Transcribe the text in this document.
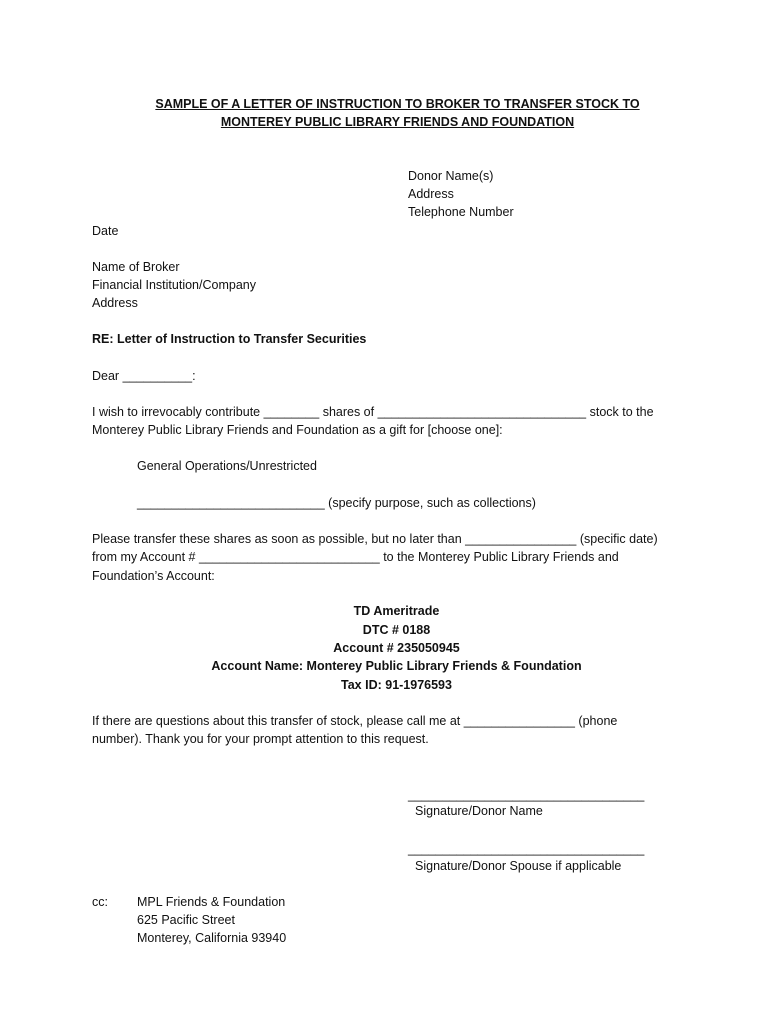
SAMPLE OF A LETTER OF INSTRUCTION TO BROKER TO TRANSFER STOCK TO
MONTEREY PUBLIC LIBRARY FRIENDS AND FOUNDATION
Donor Name(s)
Address
Telephone Number
Date
Name of Broker
Financial Institution/Company
Address
RE: Letter of Instruction to Transfer Securities
Dear __________:
I wish to irrevocably contribute ________ shares of ______________________________ stock to the
Monterey Public Library Friends and Foundation as a gift for [choose one]:
General Operations/Unrestricted
___________________________ (specify purpose, such as collections)
Please transfer these shares as soon as possible, but no later than ________________ (specific date)
from my Account # __________________________ to the Monterey Public Library Friends and
Foundation’s Account:
TD Ameritrade
DTC # 0188
Account # 235050945
Account Name: Monterey Public Library Friends & Foundation
Tax ID: 91-1976593
If there are questions about this transfer of stock, please call me at ________________ (phone
number). Thank you for your prompt attention to this request.
__________________________________
Signature/Donor Name
__________________________________
Signature/Donor Spouse if applicable
cc: MPL Friends & Foundation
625 Pacific Street
Monterey, California 93940
